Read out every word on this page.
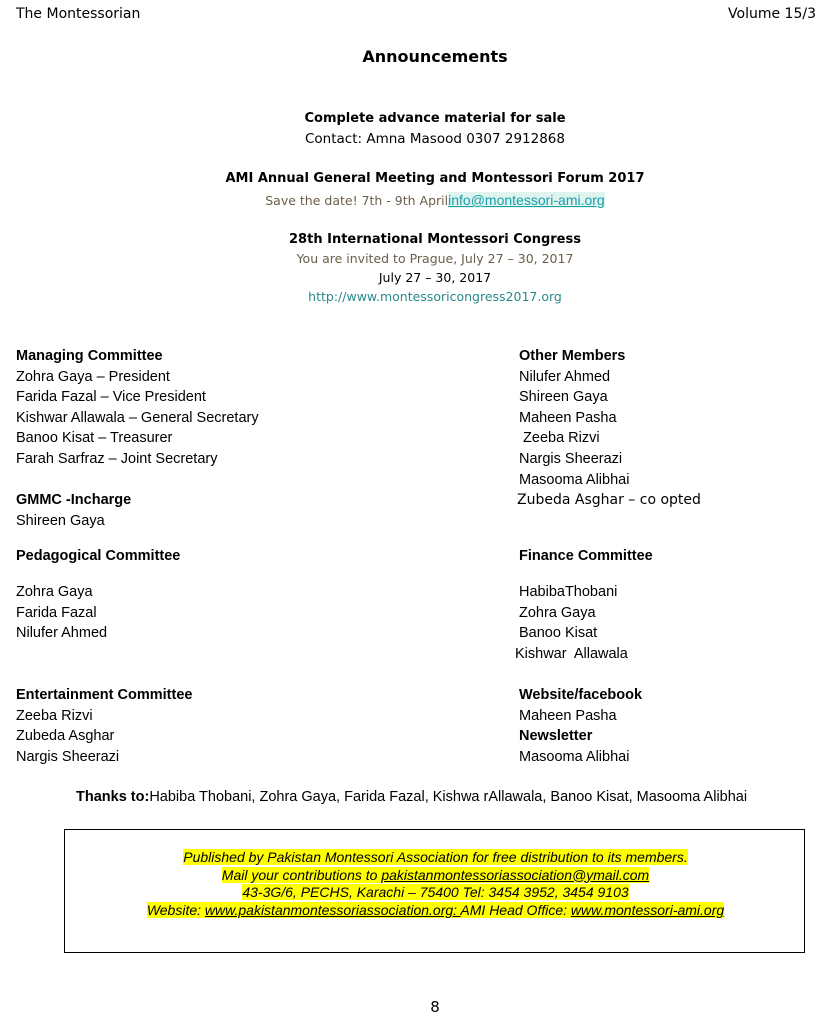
The Montessorian	Volume 15/3
Announcements
Complete advance material for sale
Contact: Amna Masood 0307 2912868
AMI Annual General Meeting and Montessori Forum 2017
Save the date! 7th - 9th Aprilinfo@montessori-ami.org
28th International Montessori Congress
You are invited to Prague, July 27 – 30, 2017
July 27 – 30, 2017
http://www.montessoricongress2017.org
Managing Committee
Zohra Gaya – President
Farida Fazal – Vice President
Kishwar Allawala – General Secretary
Banoo Kisat – Treasurer
Farah Sarfraz – Joint Secretary
GMMC -Incharge
Shireen Gaya
Pedagogical Committee
Zohra Gaya
Farida Fazal
Nilufer Ahmed
Entertainment Committee
Zeeba Rizvi
Zubeda Asghar
Nargis Sheerazi
Other Members
Nilufer Ahmed
Shireen Gaya
Maheen Pasha
Zeeba Rizvi
Nargis Sheerazi
Masooma Alibhai
Zubeda Asghar – co opted
Finance Committee
HabibaThobani
Zohra Gaya
Banoo Kisat
Kishwar  Allawala
Website/facebook
Maheen Pasha
Newsletter
Masooma Alibhai
Thanks to:Habiba Thobani, Zohra Gaya, Farida Fazal, Kishwa rAllawala, Banoo Kisat, Masooma Alibhai
Published by Pakistan Montessori Association for free distribution to its members.
Mail your contributions to pakistanmontessoriassociation@ymail.com
43-3G/6, PECHS, Karachi – 75400 Tel: 3454 3952, 3454 9103
Website: www.pakistanmontessoriassociation.org: AMI Head Office: www.montessori-ami.org
8
